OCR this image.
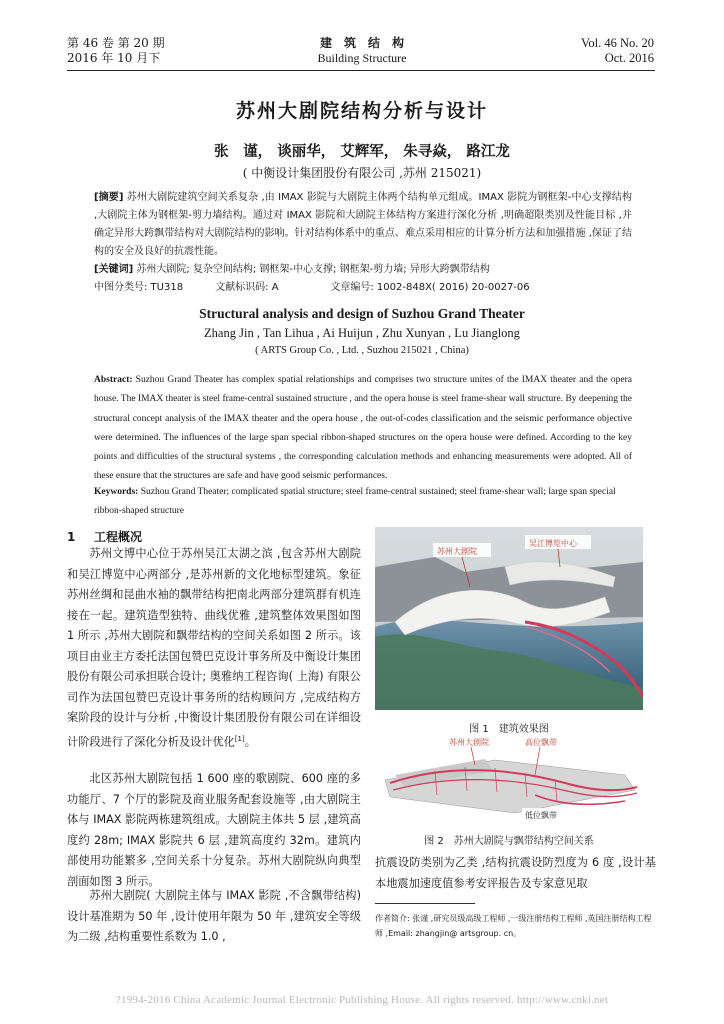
第 46 卷 第 20 期
2016 年 10 月下
建　筑　结　构
Building Structure
Vol. 46 No. 20
Oct. 2016
苏州大剧院结构分析与设计
张　谨， 谈丽华， 艾辉军， 朱寻焱， 路江龙
( 中衡设计集团股份有限公司 ,苏州 215021)
[摘要] 苏州大剧院建筑空间关系复杂 ,由 IMAX 影院与大剧院主体两个结构单元组成。IMAX 影院为钢框架-中心支撑结构 ,大剧院主体为钢框架-剪力墙结构。通过对 IMAX 影院和大剧院主体结构方案进行深化分析 ,明确超限类别及性能目标 ,并确定异形大跨飘带结构对大剧院结构的影响。针对结构体系中的重点、难点采用相应的计算分析方法和加强措施 ,保证了结构的安全及良好的抗震性能。
[关键词] 苏州大剧院; 复杂空间结构; 钢框架-中心支撑; 钢框架-剪力墙; 异形大跨飘带结构
中图分类号: TU318	文献标识码: A	文章编号: 1002-848X( 2016) 20-0027-06
Structural analysis and design of Suzhou Grand Theater
Zhang Jin , Tan Lihua , Ai Huijun , Zhu Xunyan , Lu Jianglong
( ARTS Group Co. , Ltd. , Suzhou 215021 , China)
Abstract: Suzhou Grand Theater has complex spatial relationships and comprises two structure unites of the IMAX theater and the opera house. The IMAX theater is steel frame-central sustained structure , and the opera house is steel frame-shear wall structure. By deepening the structural concept analysis of the IMAX theater and the opera house , the out-of-codes classification and the seismic performance objective were determined. The influences of the large span special ribbon-shaped structures on the opera house were defined. According to the key points and difficulties of the structural systems , the corresponding calculation methods and enhancing measurements were adopted. All of these ensure that the structures are safe and have good seismic performances.
Keywords: Suzhou Grand Theater; complicated spatial structure; steel frame-central sustained; steel frame-shear wall; large span special ribbon-shaped structure
1 工程概况
苏州文博中心位于苏州吴江太湖之滨 ,包含苏州大剧院和吴江博览中心两部分 ,是苏州新的文化地标型建筑。象征苏州丝绸和昆曲水袖的飘带结构把南北两部分建筑群有机连接在一起。建筑造型独特、曲线优雅 ,建筑整体效果图如图 1 所示 ,苏州大剧院和飘带结构的空间关系如图 2 所示。该项目由业主方委托法国包赞巴克设计事务所及中衡设计集团股份有限公司承担联合设计; 奥雅纳工程咨询( 上海) 有限公司作为法国包赞巴克设计事务所的结构顾问方 ,完成结构方案阶段的设计与分析 ,中衡设计集团股份有限公司在详细设计阶段进行了深化分析及设计优化[1]。
北区苏州大剧院包括 1 600 座的歌剧院、600 座的多功能厅、7 个厅的影院及商业服务配套设施等 ,由大剧院主体与 IMAX 影院两栋建筑组成。大剧院主体共 5 层 ,建筑高度约 28m; IMAX 影院共 6 层 ,建筑高度约 32m。建筑内部使用功能繁多 ,空间关系十分复杂。苏州大剧院纵向典型剖面如图 3 所示。
苏州大剧院( 大剧院主体与 IMAX 影院 ,不含飘带结构) 设计基准期为 50 年 ,设计使用年限为 50 年 ,建筑安全等级为二级 ,结构重要性系数为 1.0 ,
苏州大剧院
吴江博览中心
图 1　建筑效果图
苏州大剧院	高位飘带
低位飘带
图 2　苏州大剧院与飘带结构空间关系
抗震设防类别为乙类 ,结构抗震设防烈度为 6 度 ,设计基本地震加速度值参考安评报告及专家意见取
作者简介: 张谨 ,研究员级高级工程师 ,一级注册结构工程师 ,英国注册结构工程师 ,Email: zhangjin@ artsgroup. cn。
?1994-2016 China Academic Journal Electronic Publishing House. All rights reserved. http://www.cnki.net
